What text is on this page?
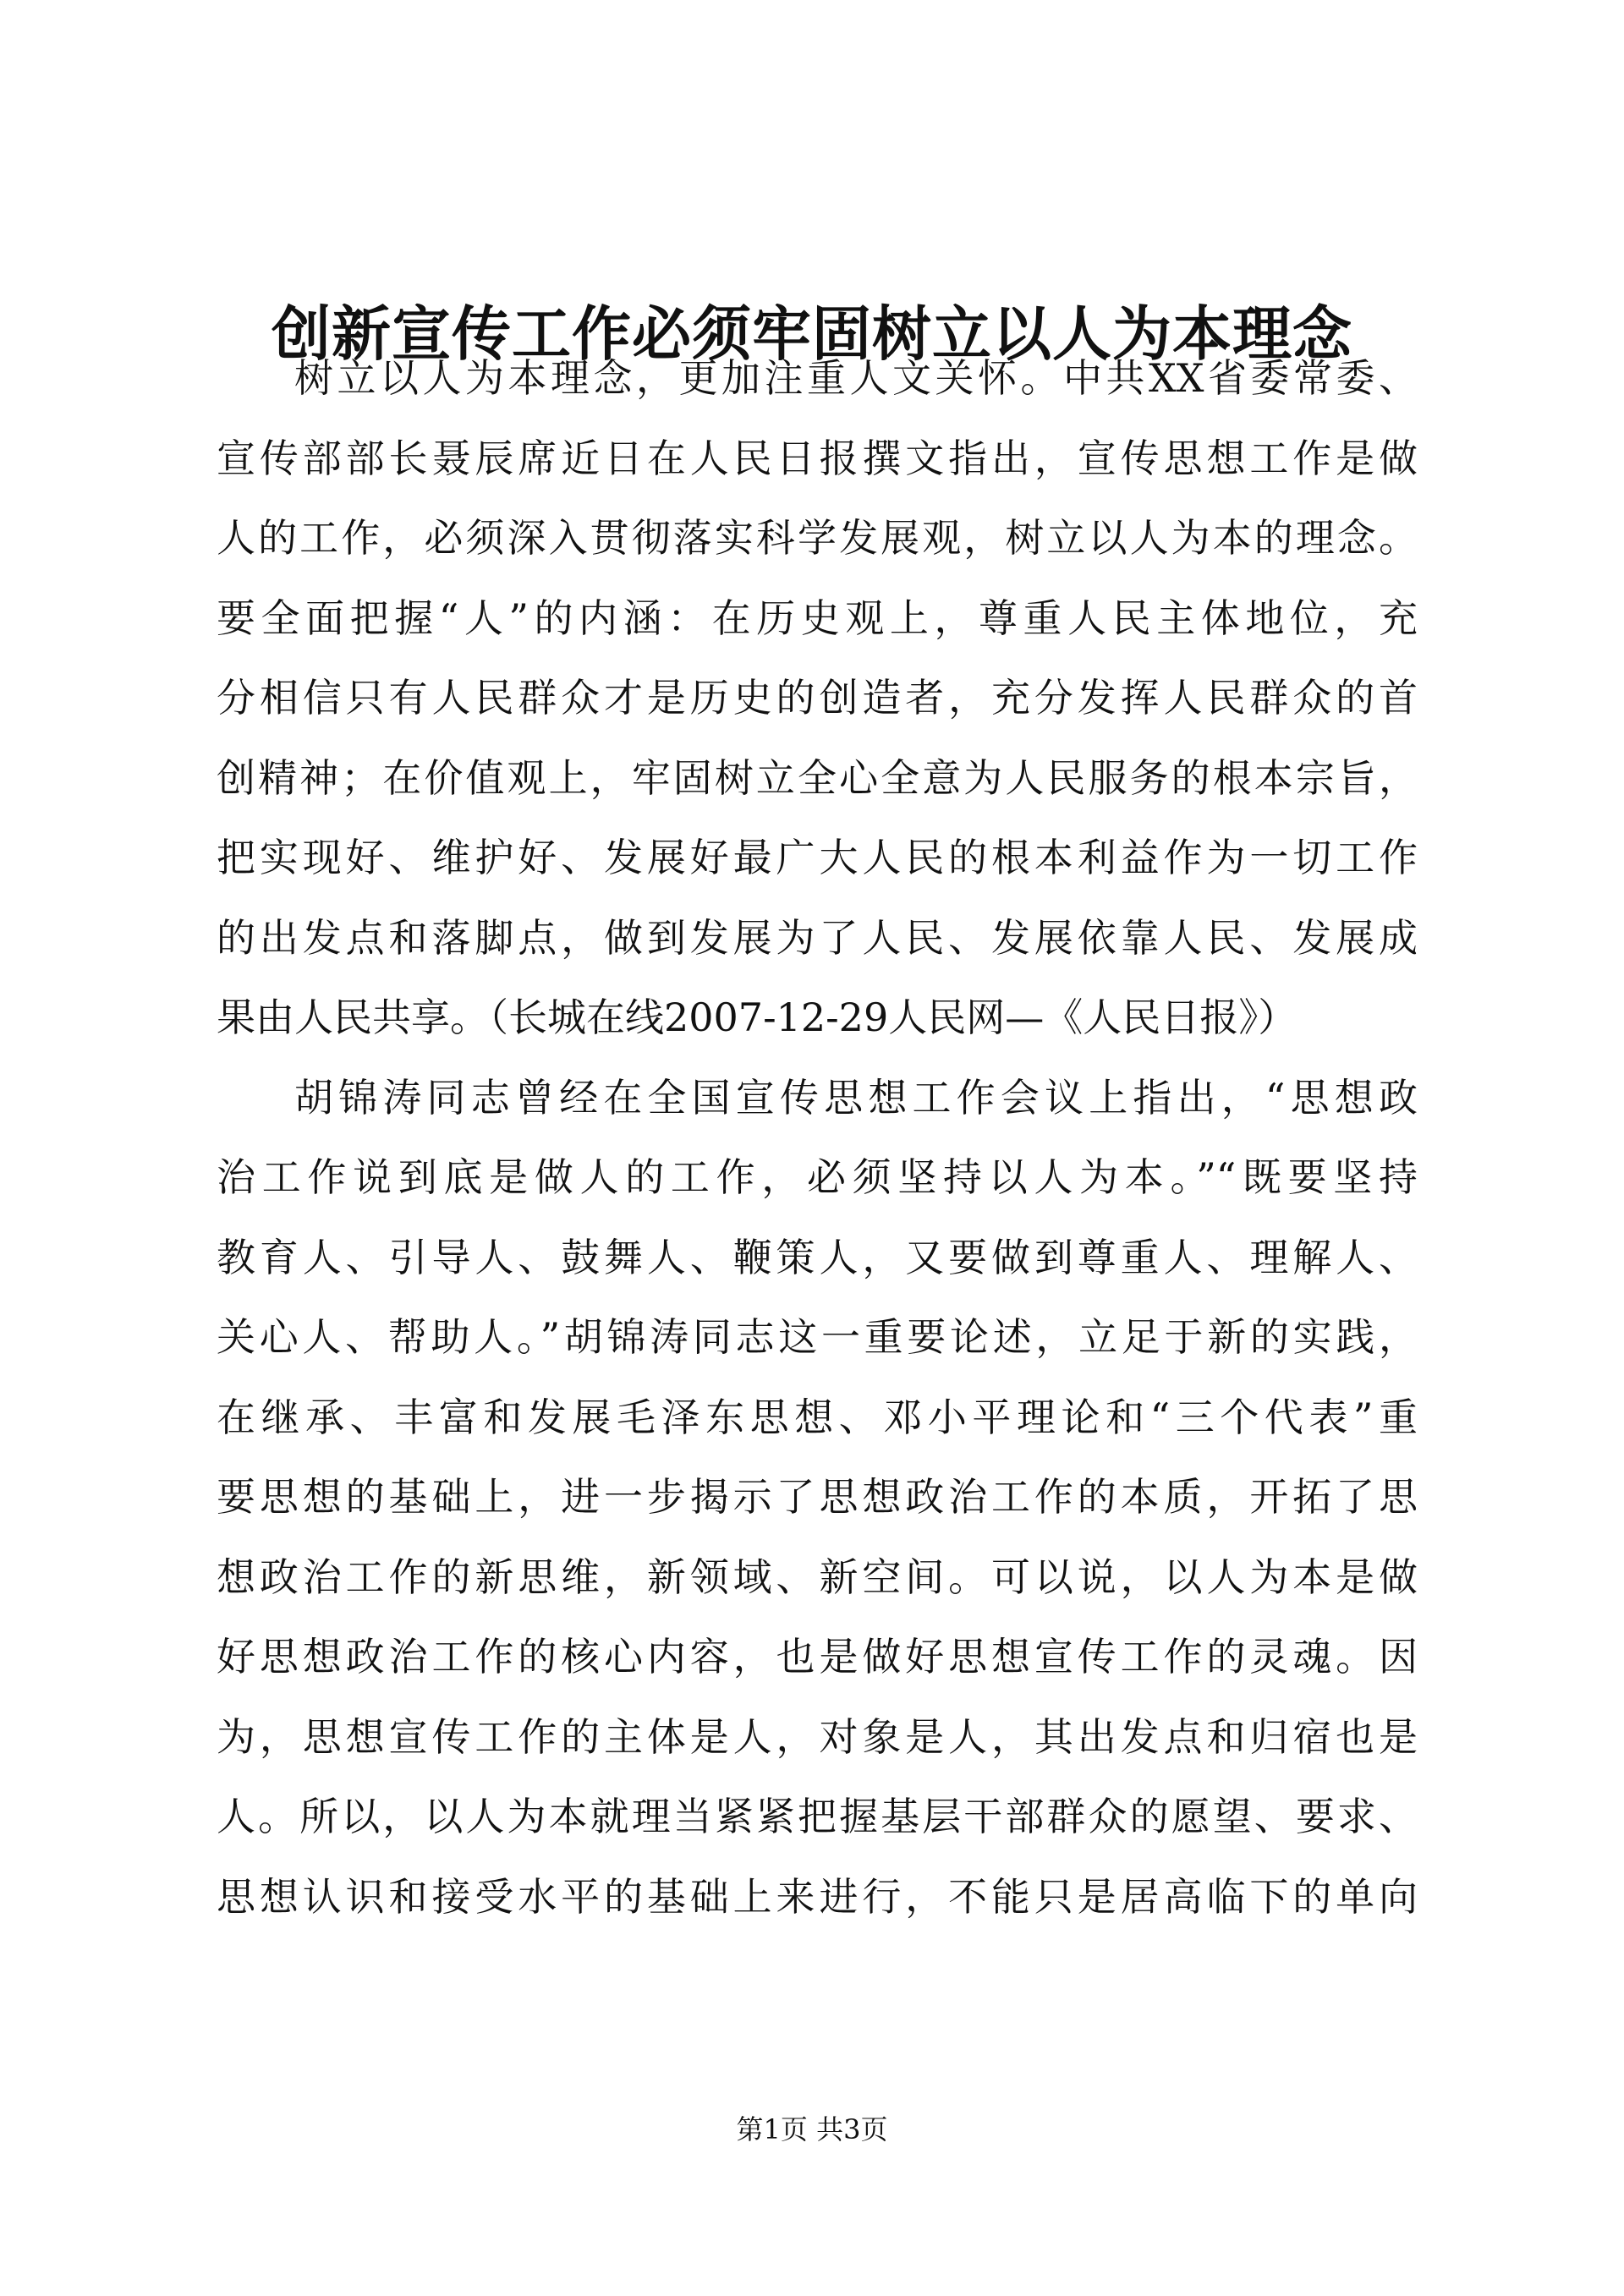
创新宣传工作必须牢固树立以人为本理念
树立以人为本理念，更加注重人文关怀。中共XX省委常委、
宣传部部长聂辰席近日在人民日报撰文指出，宣传思想工作是做
人的工作，必须深入贯彻落实科学发展观，树立以人为本的理念。
要全面把握“人”的内涵：在历史观上，尊重人民主体地位，充
分相信只有人民群众才是历史的创造者，充分发挥人民群众的首
创精神；在价值观上，牢固树立全心全意为人民服务的根本宗旨，
把实现好、维护好、发展好最广大人民的根本利益作为一切工作
的出发点和落脚点，做到发展为了人民、发展依靠人民、发展成
果由人民共享。（长城在线2007-12-29人民网—《人民日报》）
胡锦涛同志曾经在全国宣传思想工作会议上指出，“思想政
治工作说到底是做人的工作，必须坚持以人为本。”“既要坚持
教育人、引导人、鼓舞人、鞭策人，又要做到尊重人、理解人、
关心人、帮助人。”胡锦涛同志这一重要论述，立足于新的实践，
在继承、丰富和发展毛泽东思想、邓小平理论和“三个代表”重
要思想的基础上，进一步揭示了思想政治工作的本质，开拓了思
想政治工作的新思维，新领域、新空间。可以说，以人为本是做
好思想政治工作的核心内容，也是做好思想宣传工作的灵魂。因
为，思想宣传工作的主体是人，对象是人，其出发点和归宿也是
人。所以，以人为本就理当紧紧把握基层干部群众的愿望、要求、
思想认识和接受水平的基础上来进行，不能只是居高临下的单向
第1页 共3页
